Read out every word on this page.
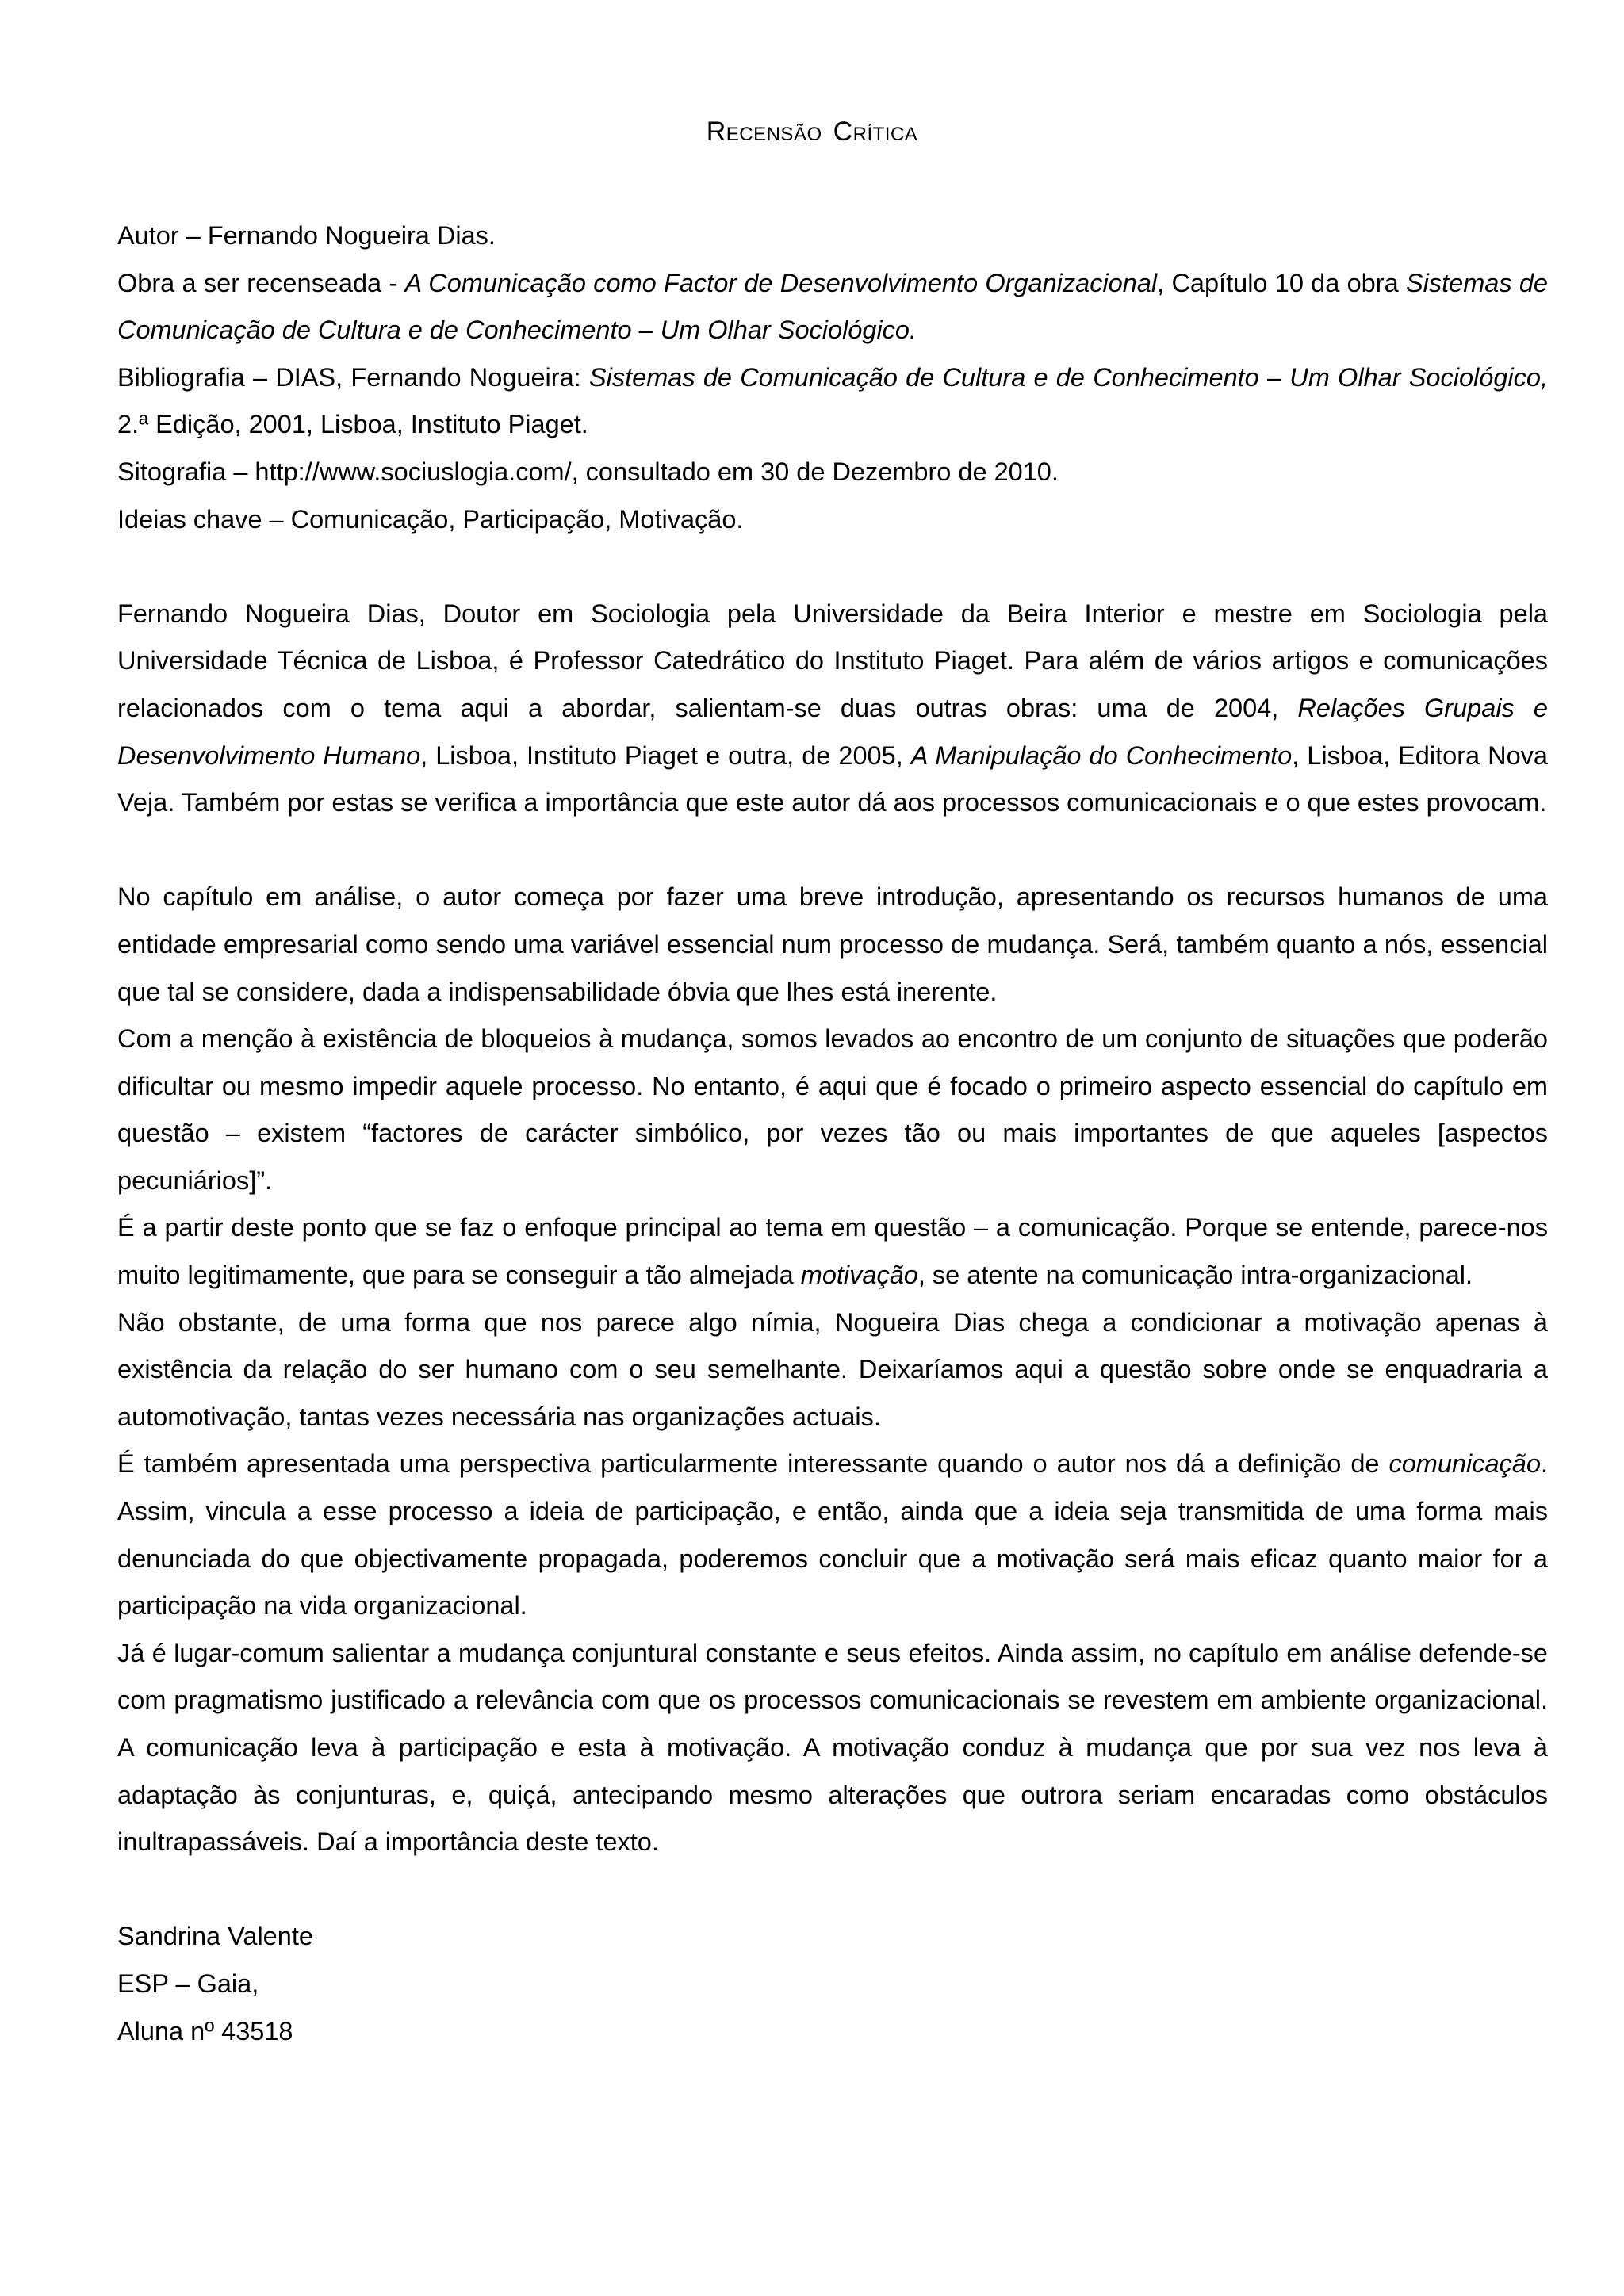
Recensão Crítica

Autor – Fernando Nogueira Dias.

Obra a ser recenseada - A Comunicação como Factor de Desenvolvimento Organizacional, Capítulo 10 da obra Sistemas de Comunicação de Cultura e de Conhecimento – Um Olhar Sociológico.

Bibliografia – DIAS, Fernando Nogueira: Sistemas de Comunicação de Cultura e de Conhecimento – Um Olhar Sociológico, 2.ª Edição, 2001, Lisboa, Instituto Piaget.

Sitografia – http://www.sociuslogia.com/, consultado em 30 de Dezembro de 2010.

Ideias chave – Comunicação, Participação, Motivação.

Fernando Nogueira Dias, Doutor em Sociologia pela Universidade da Beira Interior e mestre em Sociologia pela Universidade Técnica de Lisboa, é Professor Catedrático do Instituto Piaget. Para além de vários artigos e comunicações relacionados com o tema aqui a abordar, salientam-se duas outras obras: uma de 2004, Relações Grupais e Desenvolvimento Humano, Lisboa, Instituto Piaget e outra, de 2005, A Manipulação do Conhecimento, Lisboa, Editora Nova Veja. Também por estas se verifica a importância que este autor dá aos processos comunicacionais e o que estes provocam.

No capítulo em análise, o autor começa por fazer uma breve introdução, apresentando os recursos humanos de uma entidade empresarial como sendo uma variável essencial num processo de mudança. Será, também quanto a nós, essencial que tal se considere, dada a indispensabilidade óbvia que lhes está inerente.

Com a menção à existência de bloqueios à mudança, somos levados ao encontro de um conjunto de situações que poderão dificultar ou mesmo impedir aquele processo. No entanto, é aqui que é focado o primeiro aspecto essencial do capítulo em questão – existem “factores de carácter simbólico, por vezes tão ou mais importantes de que aqueles [aspectos pecuniários]”.

É a partir deste ponto que se faz o enfoque principal ao tema em questão – a comunicação. Porque se entende, parece-nos muito legitimamente, que para se conseguir a tão almejada motivação, se atente na comunicação intra-organizacional.

Não obstante, de uma forma que nos parece algo nímia, Nogueira Dias chega a condicionar a motivação apenas à existência da relação do ser humano com o seu semelhante. Deixaríamos aqui a questão sobre onde se enquadraria a automotivação, tantas vezes necessária nas organizações actuais.

É também apresentada uma perspectiva particularmente interessante quando o autor nos dá a definição de comunicação. Assim, vincula a esse processo a ideia de participação, e então, ainda que a ideia seja transmitida de uma forma mais denunciada do que objectivamente propagada, poderemos concluir que a motivação será mais eficaz quanto maior for a participação na vida organizacional.

Já é lugar-comum salientar a mudança conjuntural constante e seus efeitos. Ainda assim, no capítulo em análise defende-se com pragmatismo justificado a relevância com que os processos comunicacionais se revestem em ambiente organizacional. A comunicação leva à participação e esta à motivação. A motivação conduz à mudança que por sua vez nos leva à adaptação às conjunturas, e, quiçá, antecipando mesmo alterações que outrora seriam encaradas como obstáculos inultrapassáveis. Daí a importância deste texto.

Sandrina Valente

ESP – Gaia,

Aluna nº 43518
